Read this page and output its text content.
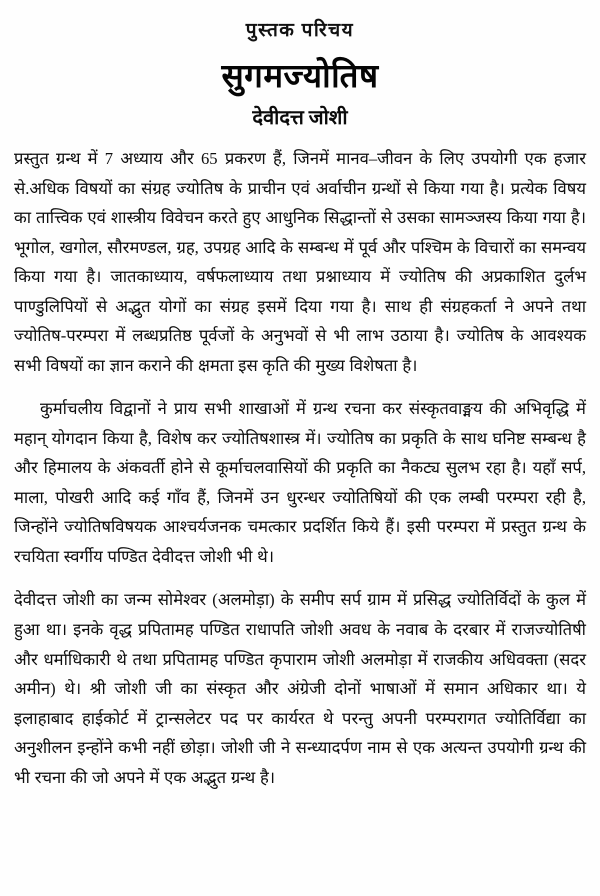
पुस्तक परिचय
सुगमज्योतिष
देवीदत्त जोशी

प्रस्तुत ग्रन्थ में 7 अध्याय और 65 प्रकरण हैं, जिनमें मानव–जीवन के लिए उपयोगी एक हजार से.अधिक विषयों का संग्रह ज्योतिष के प्राचीन एवं अर्वाचीन ग्रन्थों से किया गया है। प्रत्येक विषय का तात्त्विक एवं शास्त्रीय विवेचन करते हुए आधुनिक सिद्धान्तों से उसका सामञ्जस्य किया गया है। भूगोल, खगोल, सौरमण्डल, ग्रह, उपग्रह आदि के सम्बन्ध में पूर्व और पश्चिम के विचारों का समन्वय किया गया है। जातकाध्याय, वर्षफलाध्याय तथा प्रश्नाध्याय में ज्योतिष की अप्रकाशित दुर्लभ पाण्डुलिपियों से अद्भुत योगों का संग्रह इसमें दिया गया है। साथ ही संग्रहकर्ता ने अपने तथा ज्योतिष-परम्परा में लब्धप्रतिष्ठ पूर्वजों के अनुभवों से भी लाभ उठाया है। ज्योतिष के आवश्यक सभी विषयों का ज्ञान कराने की क्षमता इस कृति की मुख्य विशेषता है।

कुर्माचलीय विद्वानों ने प्राय सभी शाखाओं में ग्रन्थ रचना कर संस्कृतवाङ्मय की अभिवृद्धि में महान् योगदान किया है, विशेष कर ज्योतिषशास्त्र में। ज्योतिष का प्रकृति के साथ घनिष्ट सम्बन्ध है और हिमालय के अंकवर्ती होने से कूर्माचलवासियों की प्रकृति का नैकट्य सुलभ रहा है। यहाँ सर्प, माला, पोखरी आदि कई गाँव हैं, जिनमें उन धुरन्धर ज्योतिषियों की एक लम्बी परम्परा रही है, जिन्होंने ज्योतिषविषयक आश्चर्यजनक चमत्कार प्रदर्शित किये हैं। इसी परम्परा में प्रस्तुत ग्रन्थ के रचयिता स्वर्गीय पण्डित देवीदत्त जोशी भी थे।

देवीदत्त जोशी का जन्म सोमेश्वर (अलमोड़ा) के समीप सर्प ग्राम में प्रसिद्ध ज्योतिर्विदों के कुल में हुआ था। इनके वृद्ध प्रपितामह पण्डित राधापति जोशी अवध के नवाब के दरबार में राजज्योतिषी और धर्माधिकारी थे तथा प्रपितामह पण्डित कृपाराम जोशी अलमोड़ा में राजकीय अधिवक्ता (सदर अमीन) थे। श्री जोशी जी का संस्कृत और अंग्रेजी दोनों भाषाओं में समान अधिकार था। ये इलाहाबाद हाईकोर्ट में ट्रान्सलेटर पद पर कार्यरत थे परन्तु अपनी परम्परागत ज्योतिर्विद्या का अनुशीलन इन्होंने कभी नहीं छोड़ा। जोशी जी ने सन्ध्यादर्पण नाम से एक अत्यन्त उपयोगी ग्रन्थ की भी रचना की जो अपने में एक अद्भुत ग्रन्थ है।
